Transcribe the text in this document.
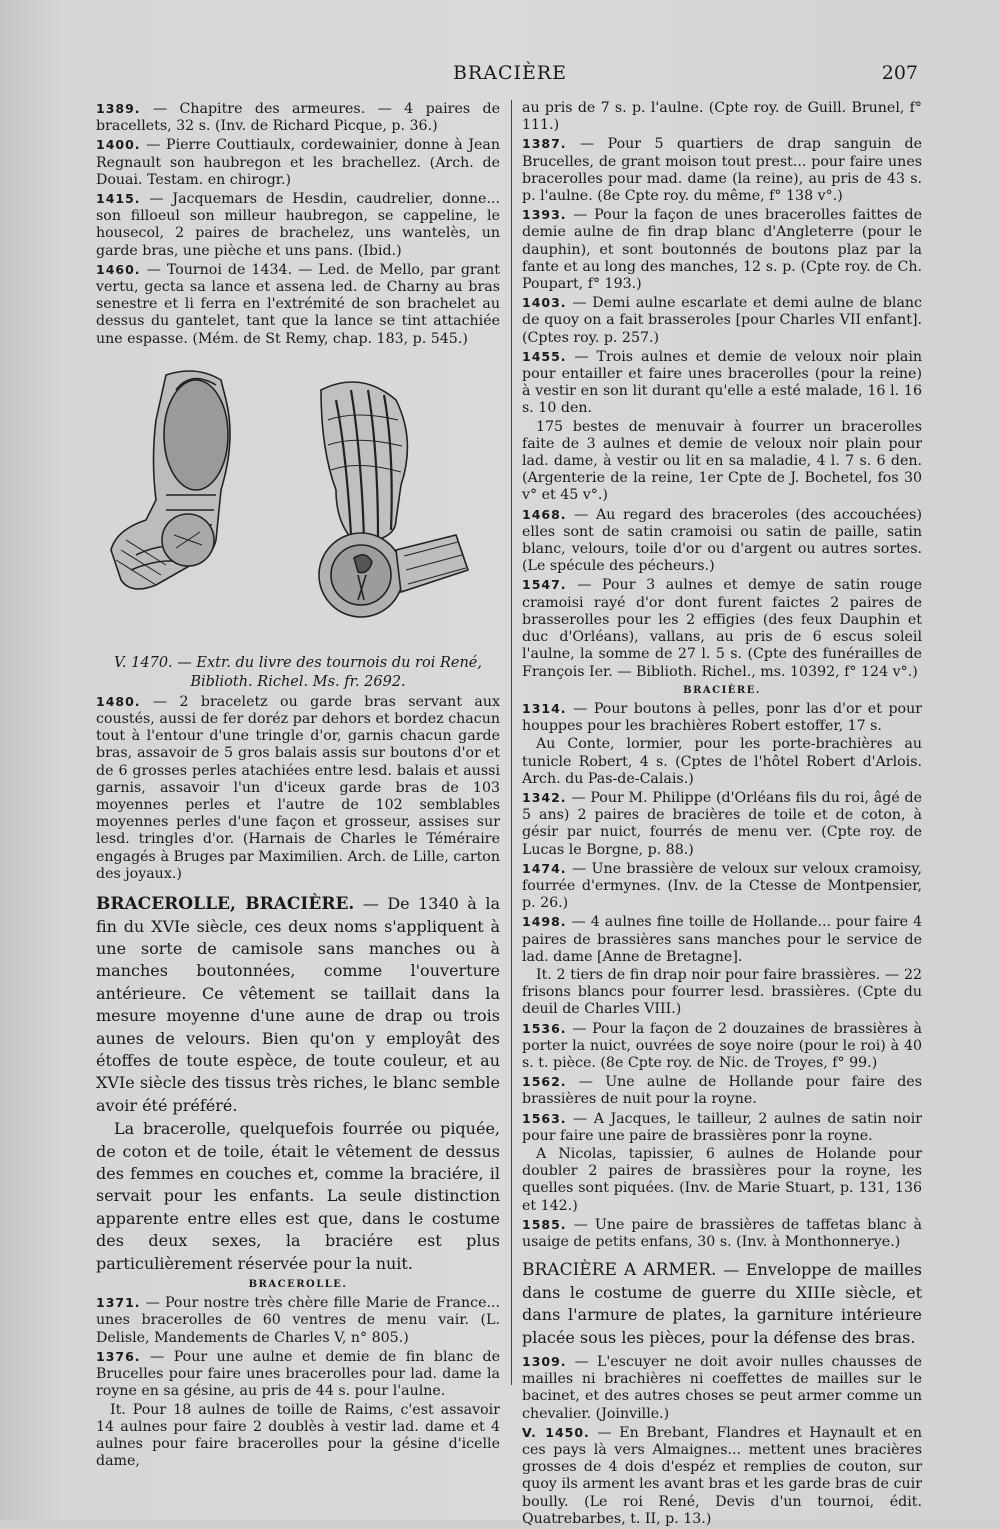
BRACIÈRE	207

1389. — Chapitre des armeures. — 4 paires de bracellets, 32 s. (Inv. de Richard Picque, p. 36.)

1400. — Pierre Couttiaulx, cordewainier, donne à Jean Regnault son haubregon et les brachellez. (Arch. de Douai. Testam. en chirogr.)

1415. — Jacquemars de Hesdin, caudrelier, donne... son filloeul son milleur haubregon, se cappeline, le housecol, 2 paires de brachelez, uns wantelès, un garde bras, une pièche et uns pans. (Ibid.)

1460. — Tournoi de 1434. — Led. de Mello, par grant vertu, gecta sa lance et assena led. de Charny au bras senestre et li ferra en l'extrémité de son brachelet au dessus du gantelet, tant que la lance se tint attachiée une espasse. (Mém. de St Remy, chap. 183, p. 545.)

V. 1470. — Extr. du livre des tournois du roi René,
Biblioth. Richel. Ms. fr. 2692.

1480. — 2 braceletz ou garde bras servant aux coustés, aussi de fer doréz par dehors et bordez chacun tout à l'entour d'une tringle d'or, garnis chacun garde bras, assavoir de 5 gros balais assis sur boutons d'or et de 6 grosses perles atachiées entre lesd. balais et aussi garnis, assavoir l'un d'iceux garde bras de 103 moyennes perles et l'autre de 102 semblables moyennes perles d'une façon et grosseur, assises sur lesd. tringles d'or. (Harnais de Charles le Téméraire engagés à Bruges par Maximilien. Arch. de Lille, carton des joyaux.)

BRACEROLLE, BRACIÈRE. — De 1340 à la fin du XVIe siècle, ces deux noms s'appliquent à une sorte de camisole sans manches ou à manches boutonnées, comme l'ouverture antérieure. Ce vêtement se taillait dans la mesure moyenne d'une aune de drap ou trois aunes de velours. Bien qu'on y employât des étoffes de toute espèce, de toute couleur, et au XVIe siècle des tissus très riches, le blanc semble avoir été préféré.

La bracerolle, quelquefois fourrée ou piquée, de coton et de toile, était le vêtement de dessus des femmes en couches et, comme la braciére, il servait pour les enfants. La seule distinction apparente entre elles est que, dans le costume des deux sexes, la braciére est plus particulièrement réservée pour la nuit.

BRACEROLLE.

1371. — Pour nostre très chère fille Marie de France... unes bracerolles de 60 ventres de menu vair. (L. Delisle, Mandements de Charles V, n° 805.)

1376. — Pour une aulne et demie de fin blanc de Brucelles pour faire unes bracerolles pour lad. dame la royne en sa gésine, au pris de 44 s. pour l'aulne.

It. Pour 18 aulnes de toille de Raims, c'est assavoir 14 aulnes pour faire 2 doublès à vestir lad. dame et 4 aulnes pour faire bracerolles pour la gésine d'icelle dame,

au pris de 7 s. p. l'aulne. (Cpte roy. de Guill. Brunel, f° 111.)

1387. — Pour 5 quartiers de drap sanguin de Brucelles, de grant moison tout prest... pour faire unes bracerolles pour mad. dame (la reine), au pris de 43 s. p. l'aulne. (8e Cpte roy. du même, f° 138 v°.)

1393. — Pour la façon de unes bracerolles faittes de demie aulne de fin drap blanc d'Angleterre (pour le dauphin), et sont boutonnés de boutons plaz par la fante et au long des manches, 12 s. p. (Cpte roy. de Ch. Poupart, f° 193.)

1403. — Demi aulne escarlate et demi aulne de blanc de quoy on a fait brasseroles [pour Charles VII enfant]. (Cptes roy. p. 257.)

1455. — Trois aulnes et demie de veloux noir plain pour entailler et faire unes bracerolles (pour la reine) à vestir en son lit durant qu'elle a esté malade, 16 l. 16 s. 10 den.

175 bestes de menuvair à fourrer un bracerolles faite de 3 aulnes et demie de veloux noir plain pour lad. dame, à vestir ou lit en sa maladie, 4 l. 7 s. 6 den. (Argenterie de la reine, 1er Cpte de J. Bochetel, fos 30 v° et 45 v°.)

1468. — Au regard des braceroles (des accouchées) elles sont de satin cramoisi ou satin de paille, satin blanc, velours, toile d'or ou d'argent ou autres sortes. (Le spécule des pécheurs.)

1547. — Pour 3 aulnes et demye de satin rouge cramoisi rayé d'or dont furent faictes 2 paires de brasserolles pour les 2 effigies (des feux Dauphin et duc d'Orléans), vallans, au pris de 6 escus soleil l'aulne, la somme de 27 l. 5 s. (Cpte des funérailles de François Ier. — Biblioth. Richel., ms. 10392, f° 124 v°.)

BRACIÈRE.

1314. — Pour boutons à pelles, ponr las d'or et pour houppes pour les brachières Robert estoffer, 17 s.

Au Conte, lormier, pour les porte-brachières au tunicle Robert, 4 s. (Cptes de l'hôtel Robert d'Arlois. Arch. du Pas-de-Calais.)

1342. — Pour M. Philippe (d'Orléans fils du roi, âgé de 5 ans) 2 paires de bracières de toile et de coton, à gésir par nuict, fourrés de menu ver. (Cpte roy. de Lucas le Borgne, p. 88.)

1474. — Une brassière de veloux sur veloux cramoisy, fourrée d'ermynes. (Inv. de la Ctesse de Montpensier, p. 26.)

1498. — 4 aulnes fine toille de Hollande... pour faire 4 paires de brassières sans manches pour le service de lad. dame [Anne de Bretagne].

It. 2 tiers de fin drap noir pour faire brassières. — 22 frisons blancs pour fourrer lesd. brassières. (Cpte du deuil de Charles VIII.)

1536. — Pour la façon de 2 douzaines de brassières à porter la nuict, ouvrées de soye noire (pour le roi) à 40 s. t. pièce. (8e Cpte roy. de Nic. de Troyes, f° 99.)

1562. — Une aulne de Hollande pour faire des brassières de nuit pour la royne.

1563. — A Jacques, le tailleur, 2 aulnes de satin noir pour faire une paire de brassières ponr la royne.

A Nicolas, tapissier, 6 aulnes de Holande pour doubler 2 paires de brassières pour la royne, les quelles sont piquées. (Inv. de Marie Stuart, p. 131, 136 et 142.)

1585. — Une paire de brassières de taffetas blanc à usaige de petits enfans, 30 s. (Inv. à Monthonnerye.)

BRACIÈRE A ARMER. — Enveloppe de mailles dans le costume de guerre du XIIIe siècle, et dans l'armure de plates, la garniture intérieure placée sous les pièces, pour la défense des bras.

1309. — L'escuyer ne doit avoir nulles chausses de mailles ni brachières ni coeffettes de mailles sur le bacinet, et des autres choses se peut armer comme un chevalier. (Joinville.)

V. 1450. — En Brebant, Flandres et Haynault et en ces pays là vers Almaignes... mettent unes bracières grosses de 4 dois d'espéz et remplies de couton, sur quoy ils arment les avant bras et les garde bras de cuir boully. (Le roi René, Devis d'un tournoi, édit. Quatrebarbes, t. II, p. 13.)
